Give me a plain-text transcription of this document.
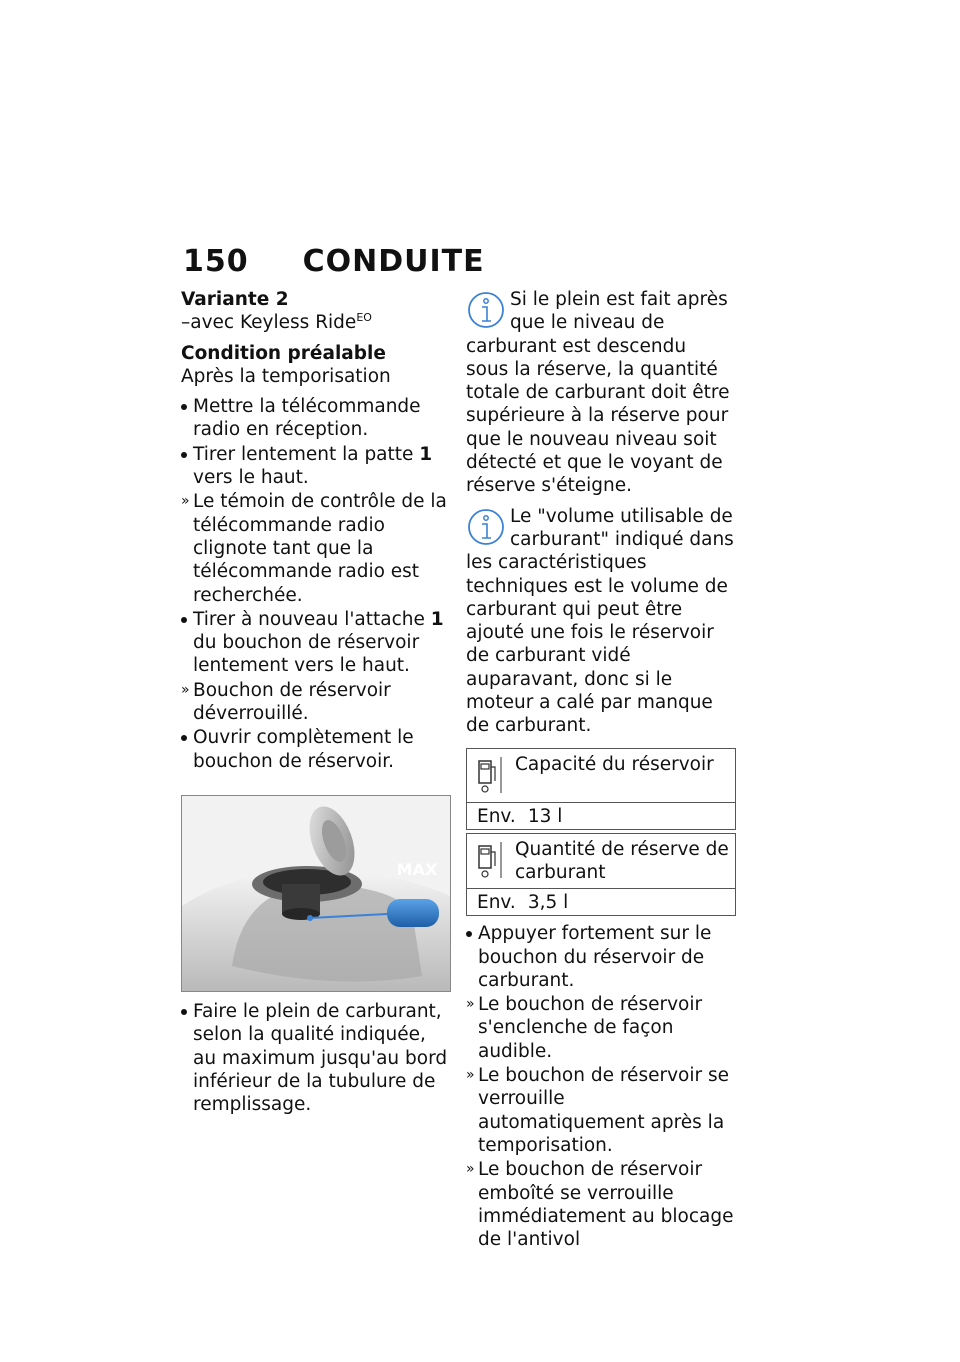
150 CONDUITE
Variante 2
–avec Keyless Ride$^{EO}$
Condition préalable
Après la temporisation
Mettre la télécommande radio en réception.
Tirer lentement la patte 1 vers le haut.
» Le témoin de contrôle de la télécommande radio clignote tant que la télécommande radio est recherchée.
Tirer à nouveau l'attache 1 du bouchon de réservoir lentement vers le haut.
» Bouchon de réservoir déverrouillé.
Ouvrir complètement le bouchon de réservoir.
MAX
Faire le plein de carburant, selon la qualité indiquée, au maximum jusqu'au bord inférieur de la tubulure de remplissage.
Si le plein est fait après que le niveau de carburant est descendu sous la réserve, la quantité totale de carburant doit être supérieure à la réserve pour que le nouveau niveau soit détecté et que le voyant de réserve s'éteigne.
Le "volume utilisable de carburant" indiqué dans les caractéristiques techniques est le volume de carburant qui peut être ajouté une fois le réservoir de carburant vidé auparavant, donc si le moteur a calé par manque de carburant.
Capacité du réservoir
Env. 13 l
Quantité de réserve de carburant
Env. 3,5 l
Appuyer fortement sur le bouchon du réservoir de carburant.
» Le bouchon de réservoir s'enclenche de façon audible.
» Le bouchon de réservoir se verrouille automatiquement après la temporisation.
» Le bouchon de réservoir emboîté se verrouille immédiatement au blocage de l'antivol
